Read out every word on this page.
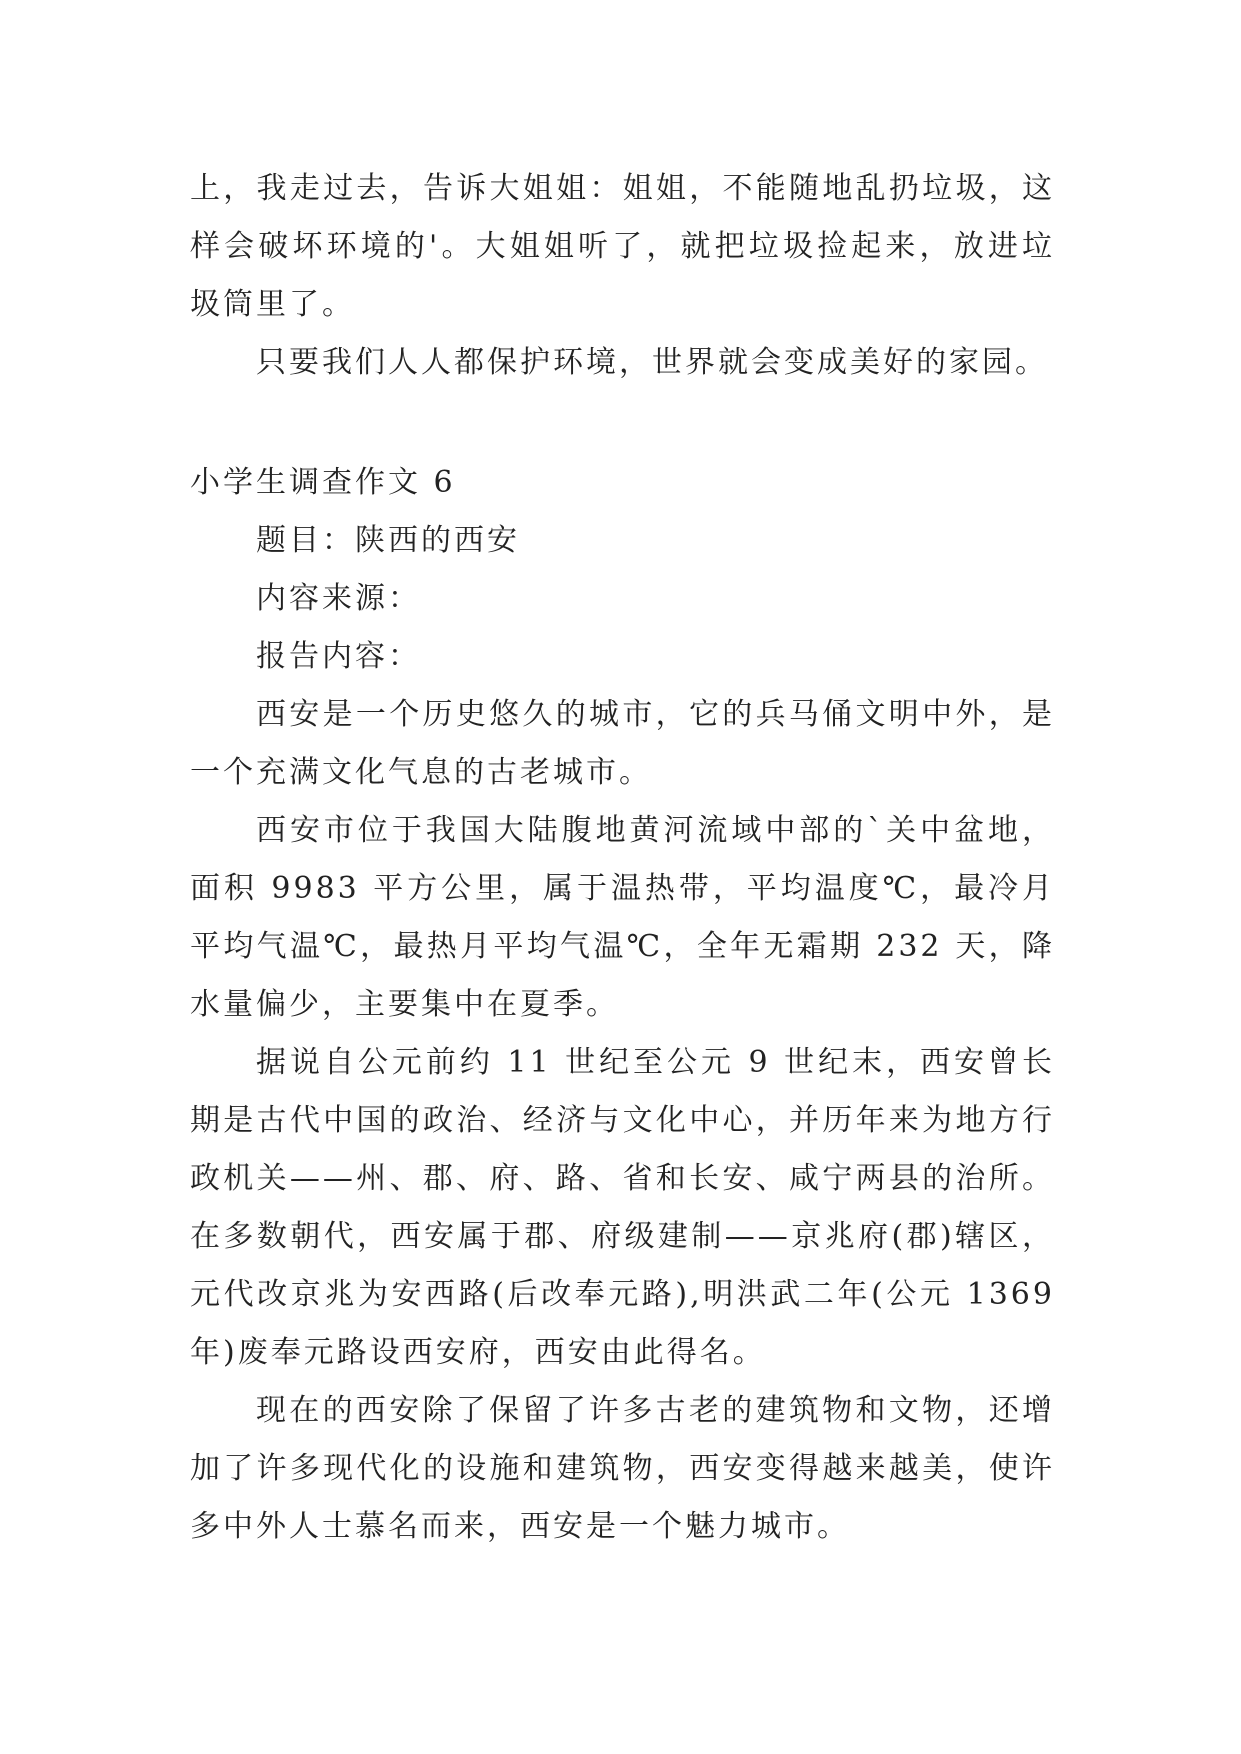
上，我走过去，告诉大姐姐：姐姐，不能随地乱扔垃圾，这样会破坏环境的'。大姐姐听了，就把垃圾捡起来，放进垃圾筒里了。

只要我们人人都保护环境，世界就会变成美好的家园。

小学生调查作文 6

题目：陕西的西安

内容来源：

报告内容：

西安是一个历史悠久的城市，它的兵马俑文明中外，是一个充满文化气息的古老城市。

西安市位于我国大陆腹地黄河流域中部的`关中盆地，面积 9983 平方公里，属于温热带，平均温度℃，最冷月平均气温℃，最热月平均气温℃，全年无霜期 232 天，降水量偏少，主要集中在夏季。

据说自公元前约 11 世纪至公元 9 世纪末，西安曾长期是古代中国的政治、经济与文化中心，并历年来为地方行政机关——州、郡、府、路、省和长安、咸宁两县的治所。在多数朝代，西安属于郡、府级建制——京兆府(郡)辖区，元代改京兆为安西路(后改奉元路),明洪武二年(公元 1369 年)废奉元路设西安府，西安由此得名。

现在的西安除了保留了许多古老的建筑物和文物，还增加了许多现代化的设施和建筑物，西安变得越来越美，使许多中外人士慕名而来，西安是一个魅力城市。
